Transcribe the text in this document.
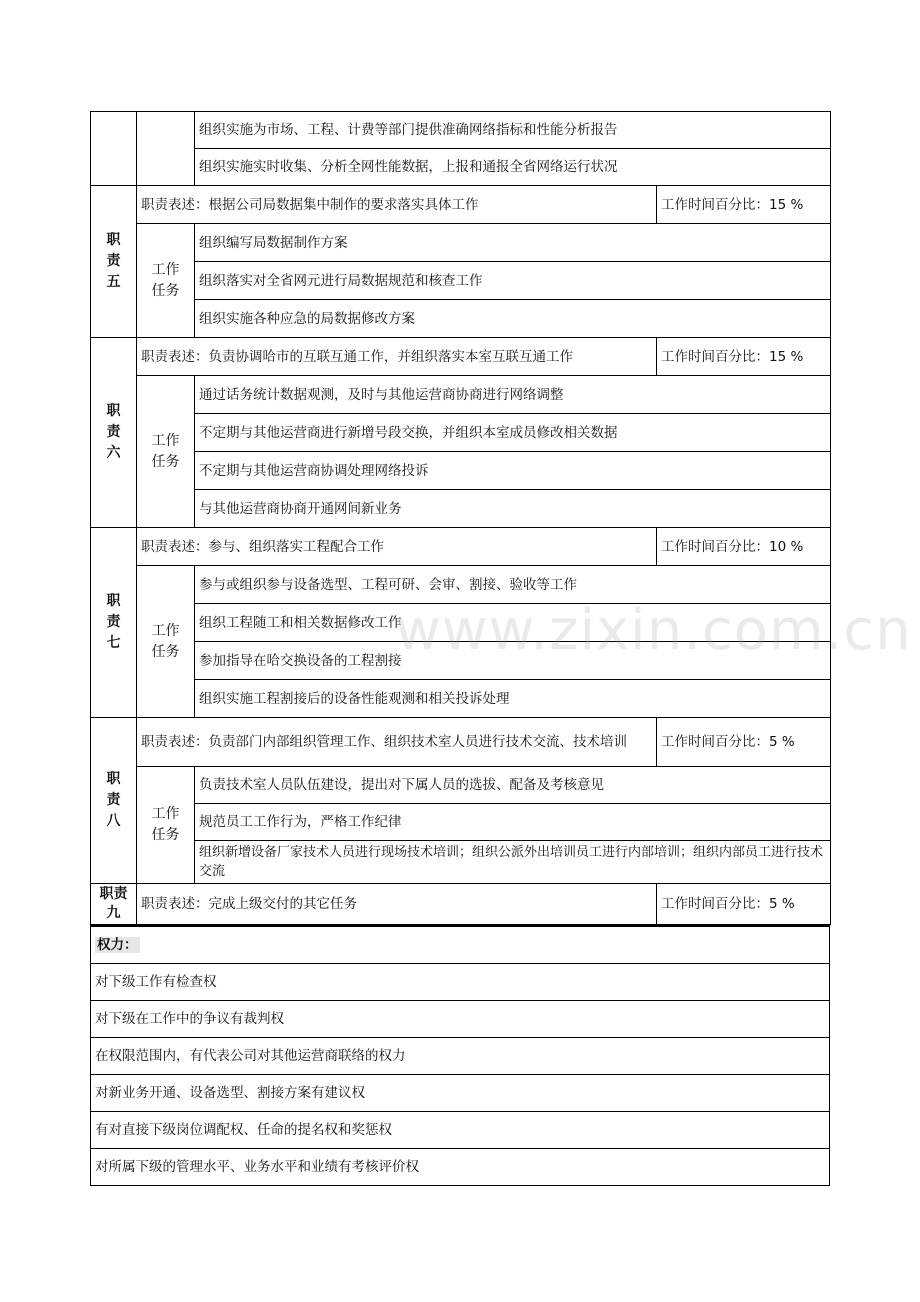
		组织实施为市场、工程、计费等部门提供准确网络指标和性能分析报告	
		组织实施实时收集、分析全网性能数据，上报和通报全省网络运行状况	

职
责
五	职责表述：根据公司局数据集中制作的要求落实具体工作		工作时间百分比：15 %

	工作
任务	组织编写局数据制作方案	
		组织落实对全省网元进行局数据规范和核查工作	
		组织实施各种应急的局数据修改方案	

职
责
六	职责表述：负责协调哈市的互联互通工作，并组织落实本室互联互通工作		工作时间百分比：15 %

	工作
任务	通过话务统计数据观测，及时与其他运营商协商进行网络调整	
		不定期与其他运营商进行新增号段交换，并组织本室成员修改相关数据	
		不定期与其他运营商协调处理网络投诉	
		与其他运营商协商开通网间新业务	

职
责
七	职责表述：参与、组织落实工程配合工作		工作时间百分比：10 %

	工作
任务	参与或组织参与设备选型、工程可研、会审、割接、验收等工作	
		组织工程随工和相关数据修改工作	
		参加指导在哈交换设备的工程割接	
		组织实施工程割接后的设备性能观测和相关投诉处理	

职
责
八	职责表述：负责部门内部组织管理工作、组织技术室人员进行技术交流、技术培训		工作时间百分比：5 %

	工作
任务	负责技术室人员队伍建设，提出对下属人员的选拔、配备及考核意见	
		规范员工工作行为，严格工作纪律	
		组织新增设备厂家技术人员进行现场技术培训；组织公派外出培训员工进行内部培训；组织内部员工进行技术交流	

职责
九	职责表述：完成上级交付的其它任务		工作时间百分比：5 %
权力：
对下级工作有检查权
对下级在工作中的争议有裁判权
在权限范围内，有代表公司对其他运营商联络的权力
对新业务开通、设备选型、割接方案有建议权
有对直接下级岗位调配权、任命的提名权和奖惩权
对所属下级的管理水平、业务水平和业绩有考核评价权
www.zixin.com.cn
